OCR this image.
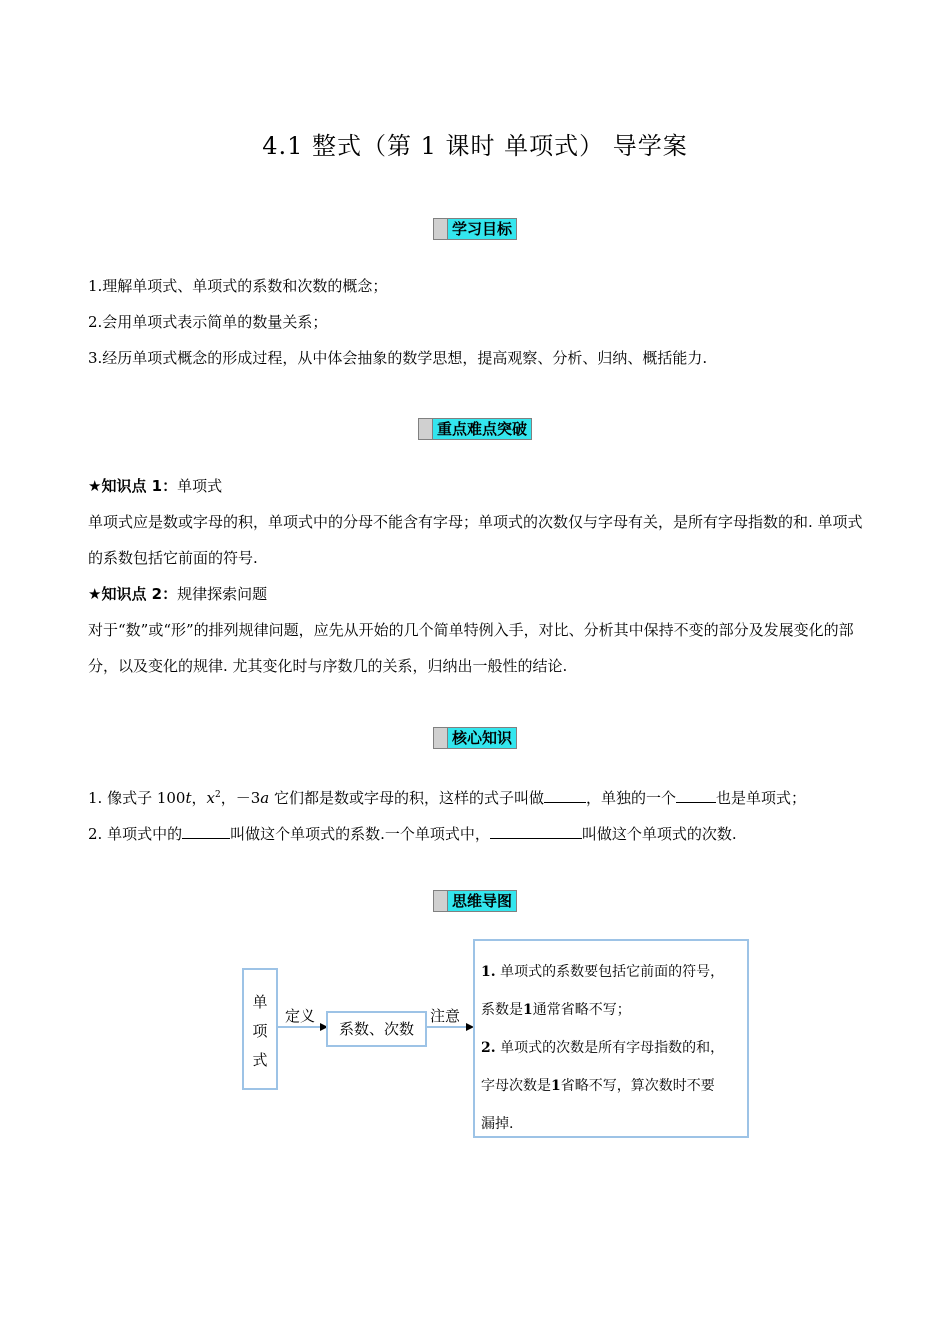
4.1 整式（第 1 课时 单项式） 导学案
学习目标
1.理解单项式、单项式的系数和次数的概念；
2.会用单项式表示简单的数量关系；
3.经历单项式概念的形成过程，从中体会抽象的数学思想，提高观察、分析、归纳、概括能力.
重点难点突破
★知识点 1：单项式
单项式应是数或字母的积，单项式中的分母不能含有字母；单项式的次数仅与字母有关，是所有字母指数的和. 单项式的系数包括它前面的符号.
★知识点 2：规律探索问题
对于“数”或“形”的排列规律问题，应先从开始的几个简单特例入手，对比、分析其中保持不变的部分及发展变化的部分，以及变化的规律. 尤其变化时与序数几的关系，归纳出一般性的结论.
核心知识
1. 像式子 100t，$x^2$，－3a 它们都是数或字母的积，这样的式子叫做	，单独的一个	也是单项式；
2. 单项式中的	叫做这个单项式的系数.一个单项式中，	叫做这个单项式的次数.
思维导图
单
项
式
定义
系数、次数
注意
1. 单项式的系数要包括它前面的符号，
系数是1通常省略不写；
2. 单项式的次数是所有字母指数的和，
字母次数是1省略不写，算次数时不要
漏掉.
